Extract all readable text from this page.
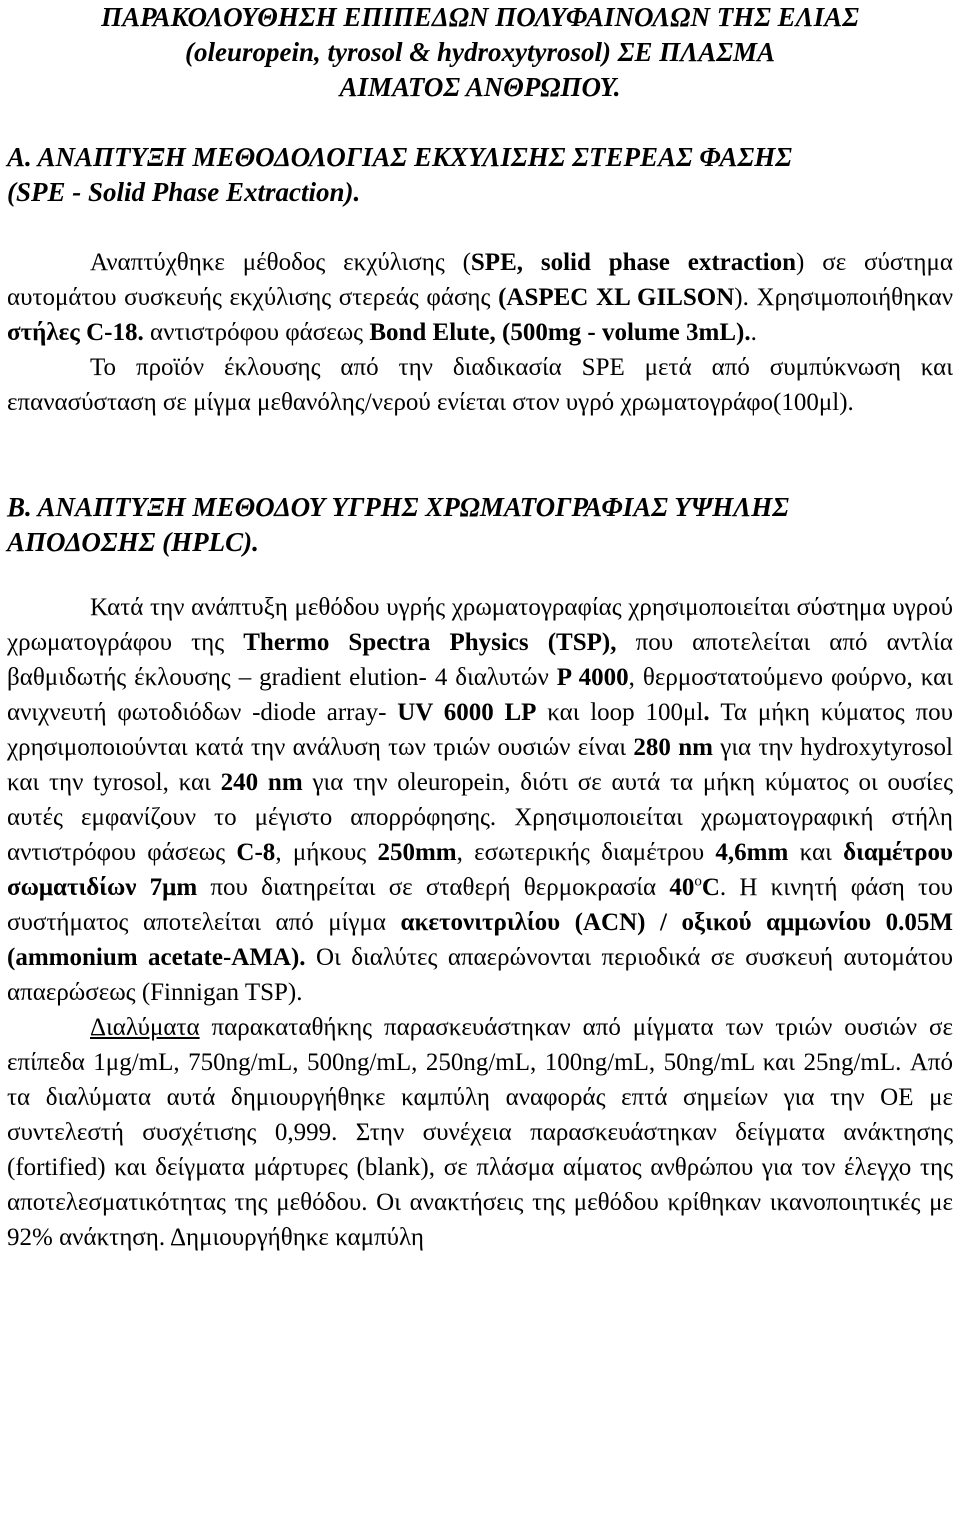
ΠΑΡΑΚΟΛΟΥΘΗΣΗ ΕΠΙΠΕΔΩΝ ΠΟΛΥΦΑΙΝΟΛΩΝ ΤΗΣ ΕΛΙΑΣ
(oleuropein, tyrosol & hydroxytyrosol) ΣΕ ΠΛΑΣΜΑ
ΑΙΜΑΤΟΣ ΑΝΘΡΩΠΟΥ.
Α. ΑΝΑΠΤΥΞΗ ΜΕΘΟΔΟΛΟΓΙΑΣ ΕΚΧΥΛΙΣΗΣ ΣΤΕΡΕΑΣ ΦΑΣΗΣ
(SPE - Solid Phase Extraction).

Αναπτύχθηκε μέθοδος εκχύλισης (SPE, solid phase extraction) σε σύστημα αυτομάτου συσκευής εκχύλισης στερεάς φάσης (ASPEC XL GILSON). Χρησιμοποιήθηκαν στήλες C-18. αντιστρόφου φάσεως Bond Elute, (500mg - volume 3mL)..

Το προϊόν έκλουσης από την διαδικασία SPE μετά από συμπύκνωση και επανασύσταση σε μίγμα μεθανόλης/νερού ενίεται στον υγρό χρωματογράφο(100μl).

Β. ΑΝΑΠΤΥΞΗ ΜΕΘΟΔΟΥ ΥΓΡΗΣ ΧΡΩΜΑΤΟΓΡΑΦΙΑΣ ΥΨΗΛΗΣ
ΑΠΟΔΟΣΗΣ (HPLC).

Κατά την ανάπτυξη μεθόδου υγρής χρωματογραφίας χρησιμοποιείται σύστημα υγρού χρωματογράφου της Thermo Spectra Physics (TSP), που αποτελείται από αντλία βαθμιδωτής έκλουσης – gradient elution- 4 διαλυτών P 4000, θερμοστατούμενο φούρνο, και ανιχνευτή φωτοδιόδων -diode array- UV 6000 LP και loop 100μl. Τα μήκη κύματος που χρησιμοποιούνται κατά την ανάλυση των τριών ουσιών είναι 280 nm για την hydroxytyrosol και την tyrosol, και 240 nm για την oleuropein, διότι σε αυτά τα μήκη κύματος οι ουσίες αυτές εμφανίζουν το μέγιστο απορρόφησης. Χρησιμοποιείται χρωματογραφική στήλη αντιστρόφου φάσεως C-8, μήκους 250mm, εσωτερικής διαμέτρου 4,6mm και διαμέτρου σωματιδίων 7μm που διατηρείται σε σταθερή θερμοκρασία 40$^o$C. Η κινητή φάση του συστήματος αποτελείται από μίγμα ακετονιτριλίου (ACN) / οξικού αμμωνίου 0.05M (ammonium acetate-AMA). Οι διαλύτες απαερώνονται περιοδικά σε συσκευή αυτομάτου απαερώσεως (Finnigan TSP).

Διαλύματα παρακαταθήκης παρασκευάστηκαν από μίγματα των τριών ουσιών σε επίπεδα 1μg/mL, 750ng/mL, 500ng/mL, 250ng/mL, 100ng/mL, 50ng/mL και 25ng/mL. Από τα διαλύματα αυτά δημιουργήθηκε καμπύλη αναφοράς επτά σημείων για την ΟΕ με συντελεστή συσχέτισης 0,999. Στην συνέχεια παρασκευάστηκαν δείγματα ανάκτησης (fortified) και δείγματα μάρτυρες (blank), σε πλάσμα αίματος ανθρώπου για τον έλεγχο της αποτελεσματικότητας της μεθόδου. Οι ανακτήσεις της μεθόδου κρίθηκαν ικανοποιητικές με 92% ανάκτηση. Δημιουργήθηκε καμπύλη
